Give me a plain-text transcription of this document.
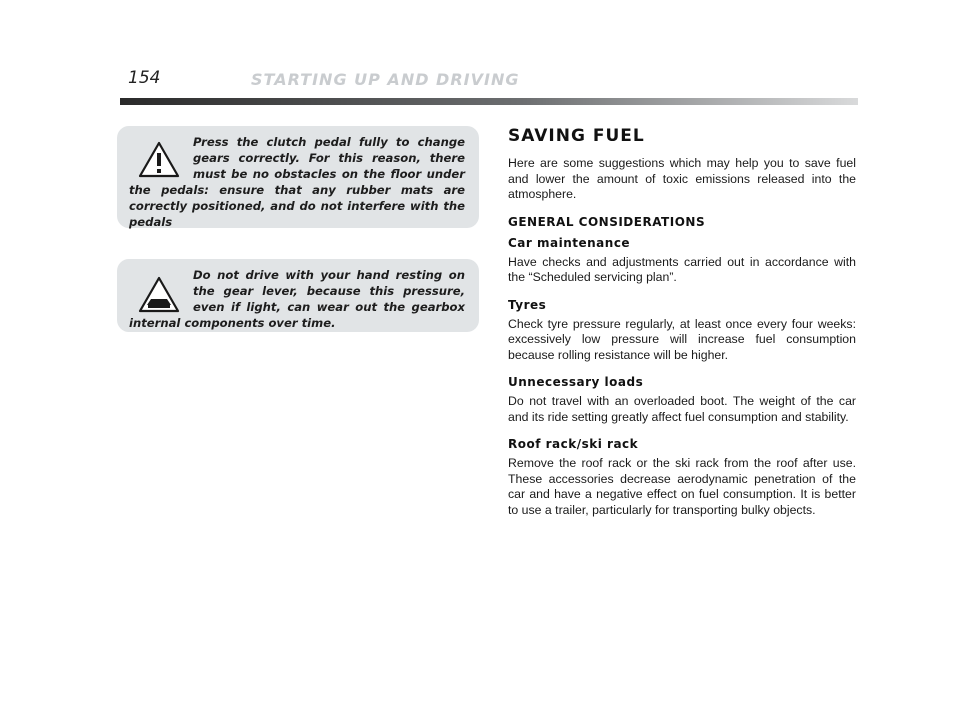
154	STARTING UP AND DRIVING
Press the clutch pedal fully to change gears correctly. For this reason, there must be no obstacles on the floor under the pedals: ensure that any rubber mats are correctly positioned, and do not interfere with the pedals
Do not drive with your hand resting on the gear lever, because this pressure, even if light, can wear out the gearbox internal components over time.
SAVING FUEL

Here are some suggestions which may help you to save fuel and lower the amount of toxic emissions released into the atmosphere.

GENERAL CONSIDERATIONS
Car maintenance

Have checks and adjustments carried out in accordance with the “Scheduled servicing plan”.

Tyres

Check tyre pressure regularly, at least once every four weeks: excessively low pressure will increase fuel consumption because rolling resistance will be higher.

Unnecessary loads

Do not travel with an overloaded boot. The weight of the car and its ride setting greatly affect fuel consumption and stability.

Roof rack/ski rack

Remove the roof rack or the ski rack from the roof after use. These accessories decrease aerodynamic penetration of the car and have a negative effect on fuel consumption. It is better to use a trailer, particularly for transporting bulky objects.
